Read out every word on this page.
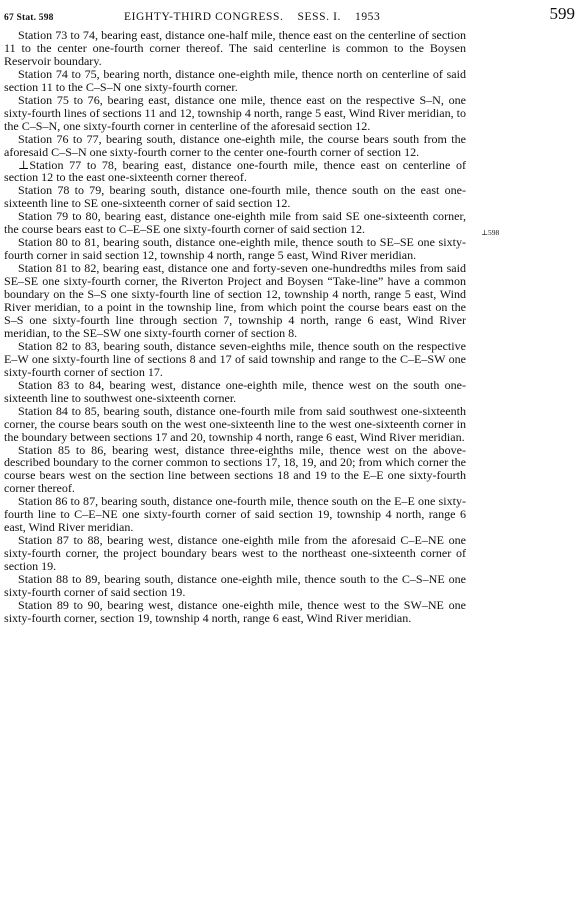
67 Stat. 598	EIGHTY-THIRD CONGRESS. SESS. I. 1953	599
⊥598

Station 73 to 74, bearing east, distance one-half mile, thence east on the centerline of section 11 to the center one-fourth corner thereof. The said centerline is common to the Boysen Reservoir boundary.

Station 74 to 75, bearing north, distance one-eighth mile, thence north on centerline of said section 11 to the C–S–N one sixty-fourth corner.

Station 75 to 76, bearing east, distance one mile, thence east on the respective S–N, one sixty-fourth lines of sections 11 and 12, township 4 north, range 5 east, Wind River meridian, to the C–S–N, one sixty-fourth corner in centerline of the aforesaid section 12.

Station 76 to 77, bearing south, distance one-eighth mile, the course bears south from the aforesaid C–S–N one sixty-fourth corner to the center one-fourth corner of section 12.

⊥Station 77 to 78, bearing east, distance one-fourth mile, thence east on centerline of section 12 to the east one-sixteenth corner thereof.

Station 78 to 79, bearing south, distance one-fourth mile, thence south on the east one-sixteenth line to SE one-sixteenth corner of said section 12.

Station 79 to 80, bearing east, distance one-eighth mile from said SE one-sixteenth corner, the course bears east to C–E–SE one sixty-fourth corner of said section 12.

Station 80 to 81, bearing south, distance one-eighth mile, thence south to SE–SE one sixty-fourth corner in said section 12, township 4 north, range 5 east, Wind River meridian.

Station 81 to 82, bearing east, distance one and forty-seven one-hundredths miles from said SE–SE one sixty-fourth corner, the Riverton Project and Boysen “Take-line” have a common boundary on the S–S one sixty-fourth line of section 12, township 4 north, range 5 east, Wind River meridian, to a point in the township line, from which point the course bears east on the S–S one sixty-fourth line through section 7, township 4 north, range 6 east, Wind River meridian, to the SE–SW one sixty-fourth corner of section 8.

Station 82 to 83, bearing south, distance seven-eighths mile, thence south on the respective E–W one sixty-fourth line of sections 8 and 17 of said township and range to the C–E–SW one sixty-fourth corner of section 17.

Station 83 to 84, bearing west, distance one-eighth mile, thence west on the south one-sixteenth line to southwest one-sixteenth corner.

Station 84 to 85, bearing south, distance one-fourth mile from said southwest one-sixteenth corner, the course bears south on the west one-sixteenth line to the west one-sixteenth corner in the boundary between sections 17 and 20, township 4 north, range 6 east, Wind River meridian.

Station 85 to 86, bearing west, distance three-eighths mile, thence west on the above-described boundary to the corner common to sections 17, 18, 19, and 20; from which corner the course bears west on the section line between sections 18 and 19 to the E–E one sixty-fourth corner thereof.

Station 86 to 87, bearing south, distance one-fourth mile, thence south on the E–E one sixty-fourth line to C–E–NE one sixty-fourth corner of said section 19, township 4 north, range 6 east, Wind River meridian.

Station 87 to 88, bearing west, distance one-eighth mile from the aforesaid C–E–NE one sixty-fourth corner, the project boundary bears west to the northeast one-sixteenth corner of section 19.

Station 88 to 89, bearing south, distance one-eighth mile, thence south to the C–S–NE one sixty-fourth corner of said section 19.

Station 89 to 90, bearing west, distance one-eighth mile, thence west to the SW–NE one sixty-fourth corner, section 19, township 4 north, range 6 east, Wind River meridian.
